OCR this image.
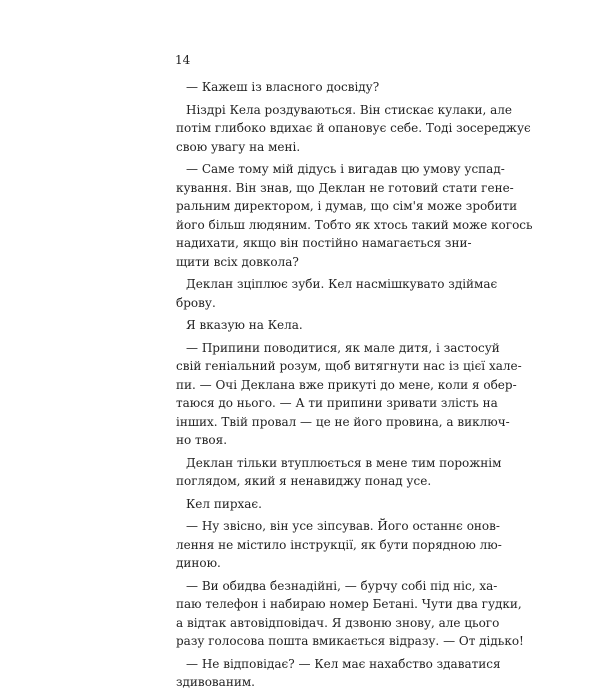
14
— Кажеш із власного досвіду?
Ніздрі Кела роздуваються. Він стискає кулаки, але
потім глибоко вдихає й опановує себе. Тоді зосереджує
свою увагу на мені.
— Саме тому мій дідусь і вигадав цю умову успад-
кування. Він знав, що Деклан не готовий стати гене-
ральним директором, і думав, що сім'я може зробити
його більш людяним. Тобто як хтось такий може когось
надихати, якщо він постійно намагається зни-
щити всіх довкола?
Деклан зціплює зуби. Кел насмішкувато здіймає
брову.
Я вказую на Кела.
— Припини поводитися, як мале дитя, і застосуй
свій геніальний розум, щоб витягнути нас із цієї хале-
пи. — Очі Деклана вже прикуті до мене, коли я обер-
таюся до нього. — А ти припини зривати злість на
інших. Твій провал — це не його провина, а виключ-
но твоя.
Деклан тільки втуплюється в мене тим порожнім
поглядом, який я ненавиджу понад усе.
Кел пирхає.
— Ну звісно, він усе зіпсував. Його останнє онов-
лення не містило інструкції, як бути порядною лю-
диною.
— Ви обидва безнадійні, — бурчу собі під ніс, ха-
паю телефон і набираю номер Бетані. Чути два гудки,
а відтак автовідповідач. Я дзвоню знову, але цього
разу голосова пошта вмикається відразу. — От дідько!
— Не відповідає? — Кел має нахабство здаватися
здивованим.
